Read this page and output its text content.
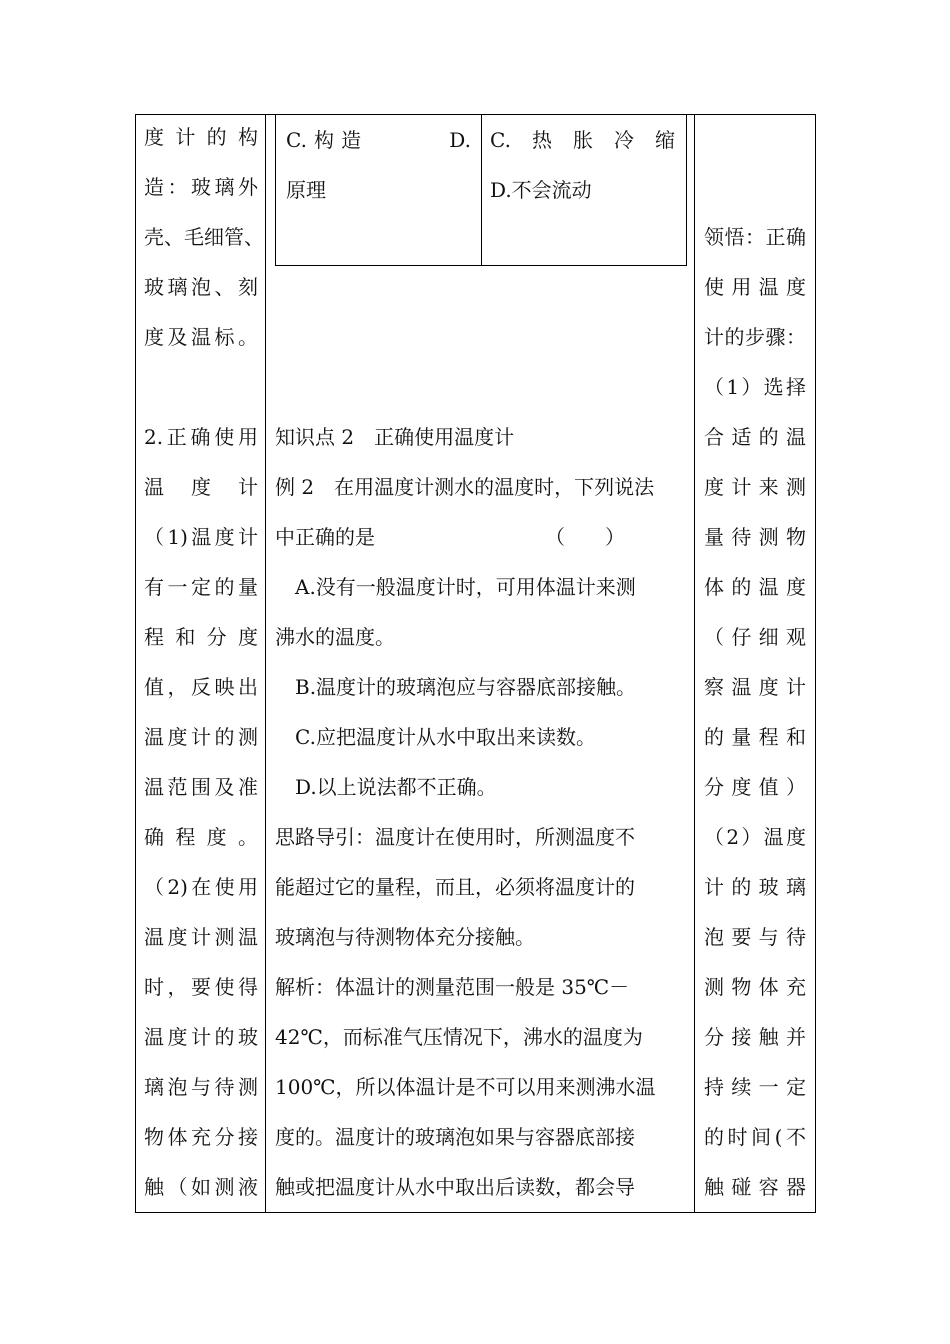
C.构造　　　D.
原理
C.热胀冷缩
D.不会流动
度计的构
造：玻璃外
壳、毛细管、
玻璃泡、刻
度及温标。
2.正确使用
温度计
（1)温度计
有一定的量
程和分度
值，反映出
温度计的测
温范围及准
确程度。
（2)在使用
温度计测温
时，要使得
温度计的玻
璃泡与待测
物体充分接
触（如测液
知识点 2　正确使用温度计
例 2　在用温度计测水的温度时，下列说法
中正确的是　　　　　　　　　（　　）
　A.没有一般温度计时，可用体温计来测
沸水的温度。
　B.温度计的玻璃泡应与容器底部接触。
　C.应把温度计从水中取出来读数。
　D.以上说法都不正确。
思路导引：温度计在使用时，所测温度不
能超过它的量程，而且，必须将温度计的
玻璃泡与待测物体充分接触。
解析：体温计的测量范围一般是 35℃－
42℃，而标准气压情况下，沸水的温度为
100℃，所以体温计是不可以用来测沸水温
度的。温度计的玻璃泡如果与容器底部接
触或把温度计从水中取出后读数，都会导
领悟：正确
使用温度
计的步骤：
（1）选择
合适的温
度计来测
量待测物
体的温度
（仔细观
察温度计
的量程和
分度值）
（2）温度
计的玻璃
泡要与待
测物体充
分接触并
持续一定
的时间(不
触碰容器
